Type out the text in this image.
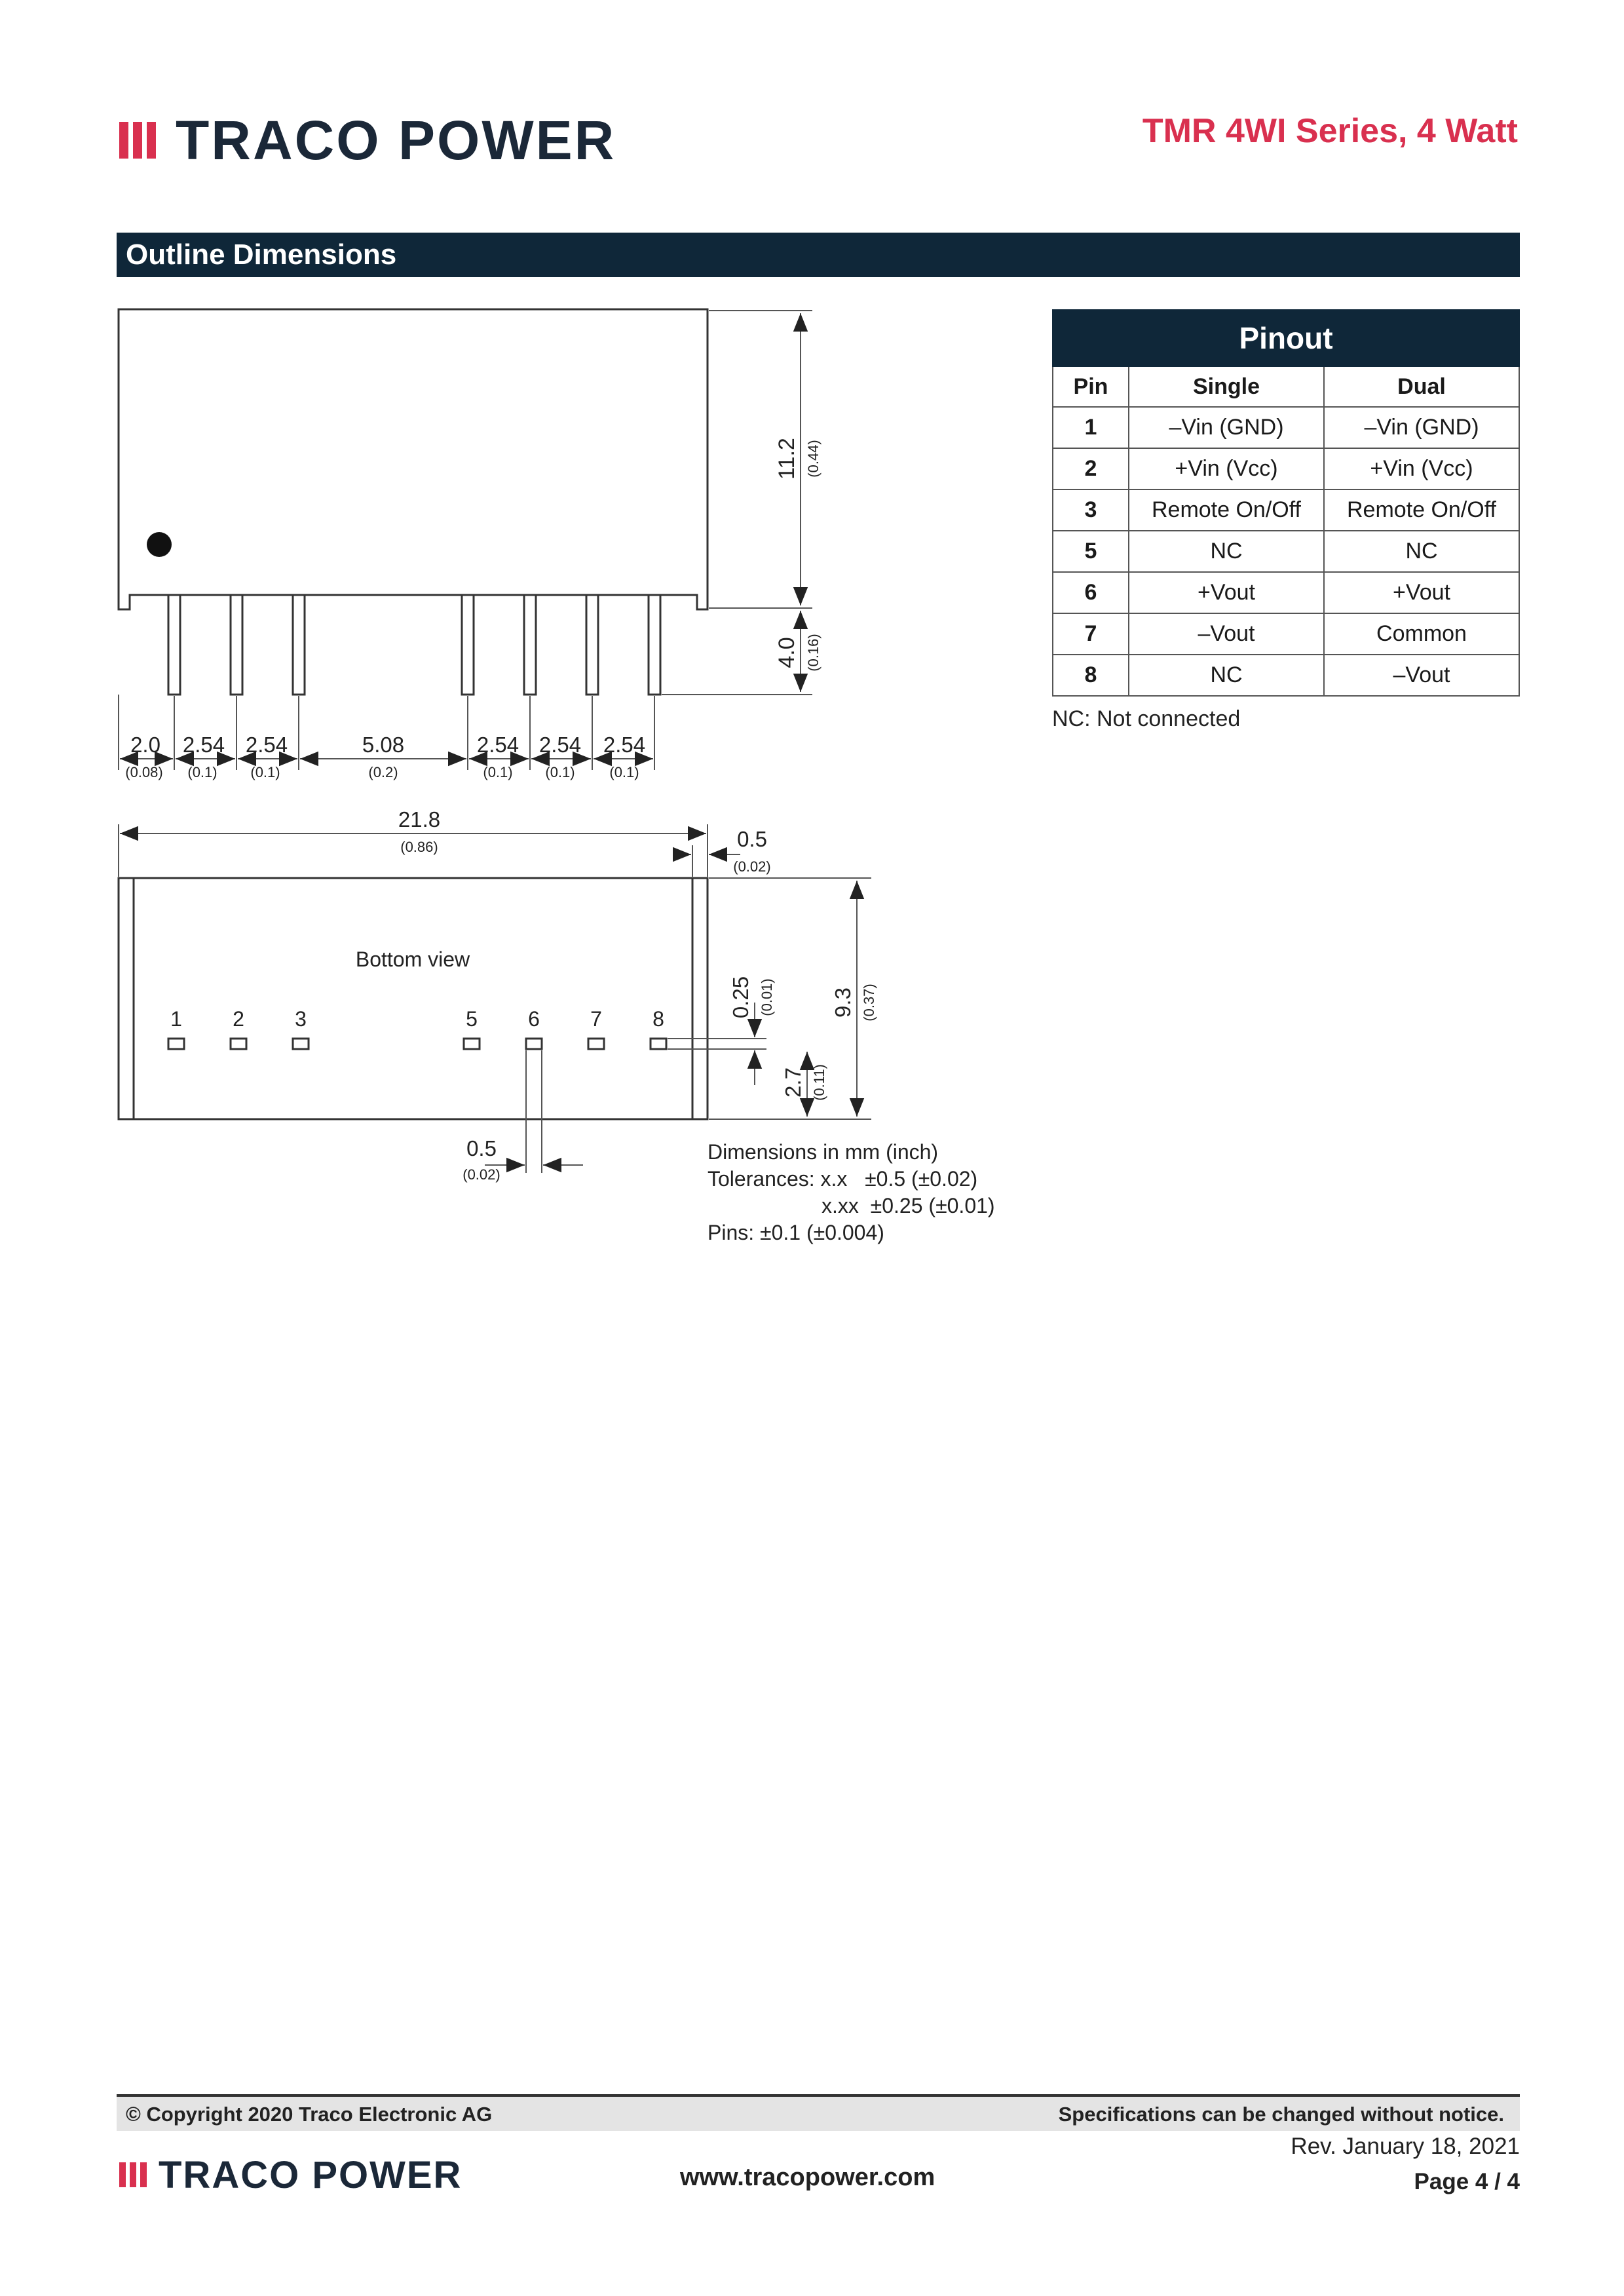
TRACO POWER	TMR 4WI Series, 4 Watt
Outline Dimensions
11.2 (0.44)
4.0 (0.16)
2.0 2.54 2.54	5.08	2.54 2.54 2.54
(0.08) (0.1) (0.1)	(0.2)	(0.1) (0.1) (0.1)
Bottom view
21.8
(0.86)	0.5
(0.02)
9.3 (0.37)
0.25 (0.01)
2.7 (0.11)
0.5
(0.02)
1 2 3	5 6 7 8
Dimensions in mm (inch)
Tolerances: x.x ±0.5 (±0.02)
x.xx ±0.25 (±0.01)
Pins: ±0.1 (±0.004)
Pinout		
Pin	Single	Dual
1	–Vin (GND)	–Vin (GND)
2	+Vin (Vcc)	+Vin (Vcc)
3	Remote On/Off	Remote On/Off
5	NC	NC
6	+Vout	+Vout
7	–Vout	Common
8	NC	–Vout
NC: Not connected
© Copyright 2020 Traco Electronic AG	Specifications can be changed without notice.
TRACO POWER	www.tracopower.com
Rev. January 18, 2021
Page 4 / 4
